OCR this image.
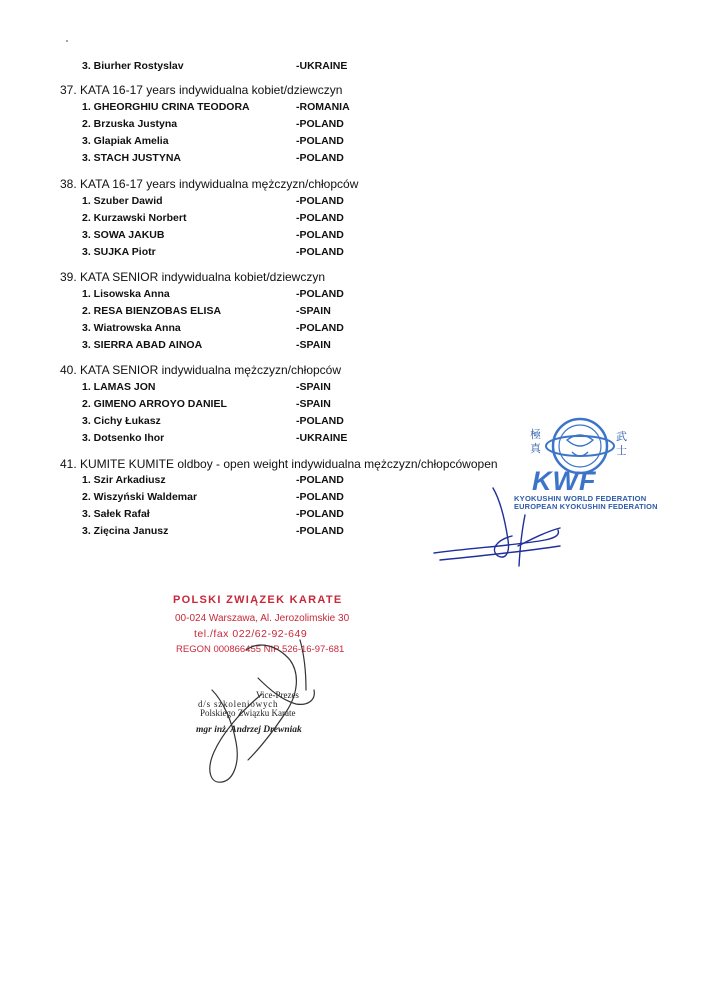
3. Biurher Rostyslav	-UKRAINE
37. KATA 16-17 years indywidualna kobiet/dziewczyn
1. GHEORGHIU CRINA TEODORA	-ROMANIA
2. Brzuska Justyna	-POLAND
3. Glapiak Amelia	-POLAND
3. STACH JUSTYNA	-POLAND
38. KATA 16-17 years indywidualna mężczyzn/chłopców
1. Szuber Dawid	-POLAND
2. Kurzawski Norbert	-POLAND
3. SOWA JAKUB	-POLAND
3. SUJKA Piotr	-POLAND
39. KATA SENIOR indywidualna kobiet/dziewczyn
1. Lisowska Anna	-POLAND
2. RESA BIENZOBAS ELISA	-SPAIN
3. Wiatrowska Anna	-POLAND
3. SIERRA ABAD AINOA	-SPAIN
40. KATA SENIOR indywidualna mężczyzn/chłopców
1. LAMAS JON	-SPAIN
2. GIMENO ARROYO DANIEL	-SPAIN
3. Cichy Łukasz	-POLAND
3. Dotsenko Ihor	-UKRAINE
41. KUMITE KUMITE oldboy - open weight indywidualna mężczyzn/chłopcówopen
1. Szir Arkadiusz	-POLAND
2. Wiszyński Waldemar	-POLAND
3. Sałek Rafał	-POLAND
3. Zięcina Janusz	-POLAND
極
真
武
士
KWF
KYOKUSHIN WORLD FEDERATION
EUROPEAN KYOKUSHIN FEDERATION
POLSKI ZWIĄZEK KARATE
00-024 Warszawa, Al. Jerozolimskie 30
tel./fax 022/62-92-649
REGON 000866455 NIP 526-16-97-681
Vice-Prezes
d/s szkoleniowych
Polskiego Związku Karate
mgr inż. Andrzej Drewniak
